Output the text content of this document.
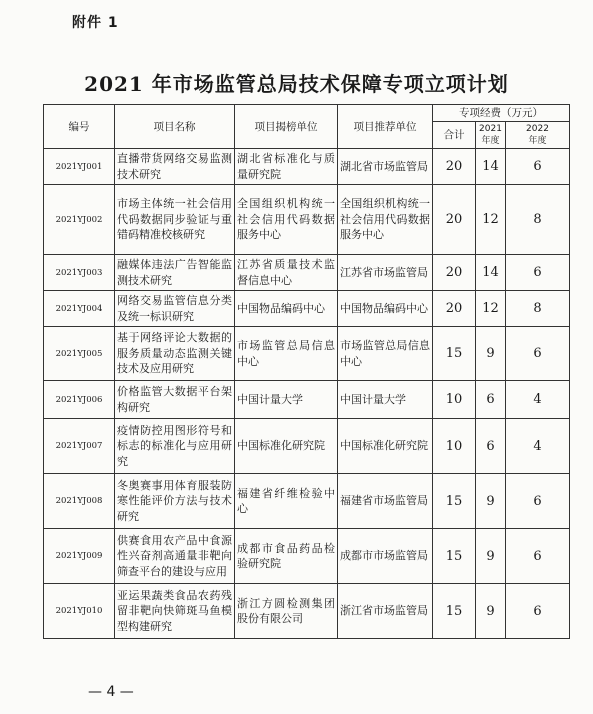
附件 1
2021 年市场监管总局技术保障专项立项计划
编号	项目名称	项目揭榜单位	项目推荐单位	专项经费（万元）		
				合计	2021 年度	2022 年度
2021YJ001	直播带货网络交易监测技术研究	湖北省标准化与质量研究院	湖北省市场监管局	20	14	6
2021YJ002	市场主体统一社会信用代码数据同步验证与重错码精准校核研究	全国组织机构统一社会信用代码数据服务中心	全国组织机构统一社会信用代码数据服务中心	20	12	8
2021YJ003	融媒体违法广告智能监测技术研究	江苏省质量技术监督信息中心	江苏省市场监管局	20	14	6
2021YJ004	网络交易监管信息分类及统一标识研究	中国物品编码中心	中国物品编码中心	20	12	8
2021YJ005	基于网络评论大数据的服务质量动态监测关键技术及应用研究	市场监管总局信息中心	市场监管总局信息中心	15	9	6
2021YJ006	价格监管大数据平台架构研究	中国计量大学	中国计量大学	10	6	4
2021YJ007	疫情防控用图形符号和标志的标准化与应用研究	中国标准化研究院	中国标准化研究院	10	6	4
2021YJ008	冬奥赛事用体育服装防寒性能评价方法与技术研究	福建省纤维检验中心	福建省市场监管局	15	9	6
2021YJ009	供赛食用农产品中食源性兴奋剂高通量非靶向筛查平台的建设与应用	成都市食品药品检验研究院	成都市市场监管局	15	9	6
2021YJ010	亚运果蔬类食品农药残留非靶向快筛斑马鱼模型构建研究	浙江方圆检测集团股份有限公司	浙江省市场监管局	15	9	6
— 4 —
